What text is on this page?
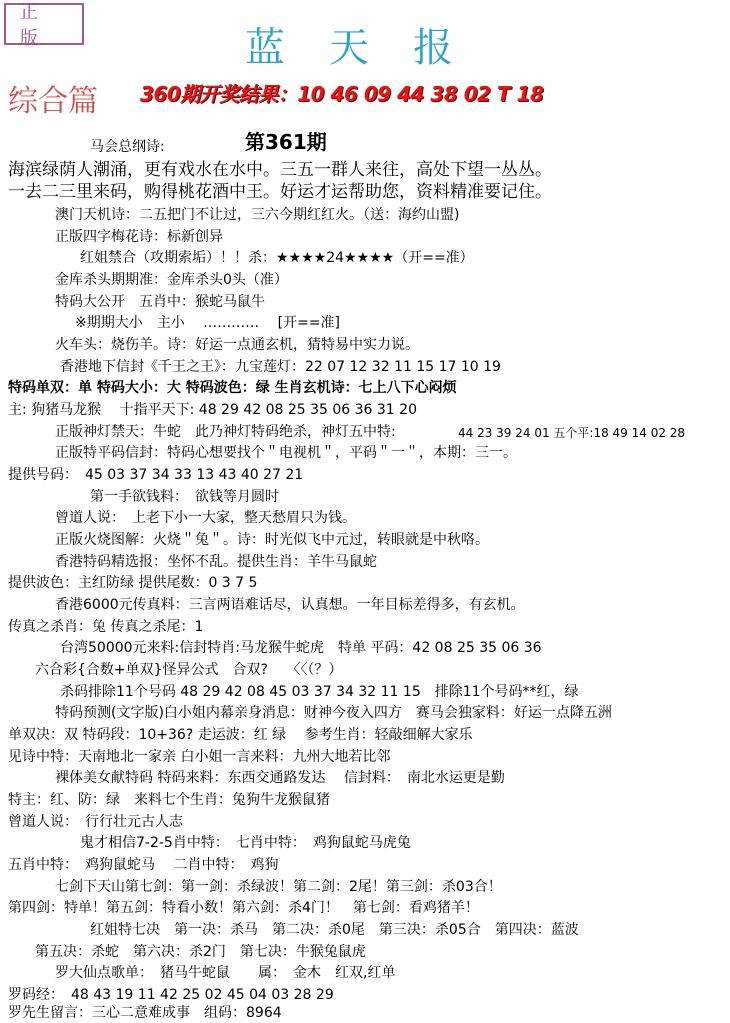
正版	蓝天报
综合篇 360期开奖结果：10 46 09 44 38 02 T 18
马会总纲诗:	第361期
海滨绿荫人潮涌，更有戏水在水中。三五一群人来往，高处下望一丛丛。
一去二三里来码，购得桃花酒中王。好运才运帮助您，资料精准要记住。
澳门天机诗：二五把门不让过，三六今期红红火。（送：海约山盟)
正版四字梅花诗：标新创异
红姐禁合（攻期索垢）！！杀：★★★★24★★★★（开==准）
金库杀头期期准：金库杀头0头（准）
特码大公开　五肖中：猴蛇马鼠牛
※期期大小　主小　 ………… 　[开==准]
火车头：烧伤羊。诗：好运一点通玄机，猜特易中实力说。
香港地下信封《千王之王》：九宝莲灯：22 07 12 32 11 15 17 10 19
特码单双：单 特码大小：大 特码波色：绿 生肖玄机诗：七上八下心闷烦
主: 狗猪马龙猴　 十指平天下: 48 29 42 08 25 35 06 36 31 20
正版神灯禁天：牛蛇　此乃神灯特码绝杀，神灯五中特:	44 23 39 24 01 五个平:18 49 14 02 28
正版特平码信封：特码心想要找个＂电视机＂，平码＂一＂，本期：三一。
提供号码：　45 03 37 34 33 13 43 40 27 21
第一手欲钱料：　欲钱等月圆时
曾道人说：　上老下小一大家，整天愁眉只为钱。
正版火烧图解：火烧＂兔＂。诗：时光似飞中元过，转眼就是中秋咯。
香港特码精选报：坐怀不乱。提供生肖：羊牛马鼠蛇
提供波色：主红防绿 提供尾数：0 3 7 5
香港6000元传真料：三言两语难话尽，认真想。一年目标差得多，有玄机。
传真之杀肖：兔 传真之杀尾：1
台湾50000元来料:信封特肖:马龙猴牛蛇虎　特单 平码：42 08 25 35 06 36
六合彩{合数+单双}怪异公式　合双?　 〈〈（？）
杀码排除11个号码 48 29 42 08 45 03 37 34 32 11 15　排除11个号码**红，绿
特码预测(文字版)白小姐内幕亲身消息：财神今夜入四方　赛马会独家料：好运一点降五洲
单双决：双 特码段：10+36? 走运波：红 绿　 参考生肖：轻敲细解大家乐
见诗中特：天南地北一家亲 白小姐一言来料：九州大地若比邻
裸体美女献特码 特码来料：东西交通路发达　 信封料：　南北水运更是勤
特主：红、防：绿　来料七个生肖：兔狗牛龙猴鼠猪
曾道人说：　行行壮元古人志
鬼才相信7-2-5肖中特：　七肖中特：　鸡狗鼠蛇马虎兔
五肖中特：　鸡狗鼠蛇马　 二肖中特：　鸡狗
七剑下天山第七剑：第一剑：杀绿波！第二剑：2尾！第三剑：杀03合！
第四剑：特单！第五剑：特看小数！第六剑：杀4门！　第七剑：看鸡猪羊！
红姐特七决　第一决：杀马　第二决：杀0尾　第三决：杀05合　第四决：蓝波
第五决：杀蛇　第六决：杀2门　第七决：牛猴兔鼠虎
罗大仙点歌单：　猪马牛蛇鼠　　属：　金木　红双,红单
罗码经：　48 43 19 11 42 25 02 45 04 03 28 29
罗先生留言：三心二意难成事　组码：8964
